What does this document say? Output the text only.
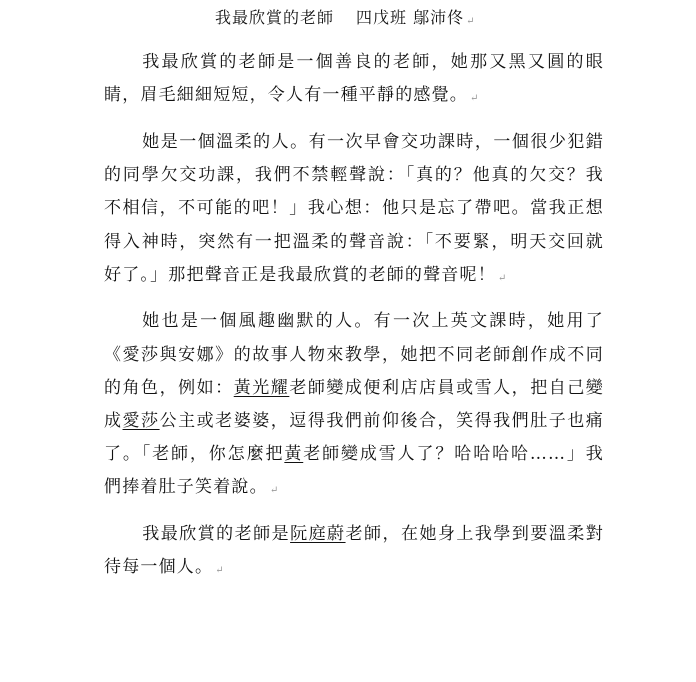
我最欣賞的老師 四戊班 鄔沛佟 ↵

我最欣賞的老師是一個善良的老師，她那又黑又圓的眼睛，眉毛細細短短，令人有一種平靜的感覺。 ↵

她是一個溫柔的人。有一次早會交功課時，一個很少犯錯的同學欠交功課，我們不禁輕聲說：「真的？他真的欠交？我不相信，不可能的吧！」我心想：他只是忘了帶吧。當我正想得入神時，突然有一把溫柔的聲音說：「不要緊，明天交回就好了。」那把聲音正是我最欣賞的老師的聲音呢！ ↵

她也是一個風趣幽默的人。有一次上英文課時，她用了《愛莎與安娜》的故事人物來教學，她把不同老師創作成不同的角色，例如：黃光耀老師變成便利店店員或雪人，把自己變成愛莎公主或老婆婆，逗得我們前仰後合，笑得我們肚子也痛了。「老師，你怎麼把黃老師變成雪人了？哈哈哈哈……」我們捧着肚子笑着說。 ↵

我最欣賞的老師是阮庭蔚老師，在她身上我學到要溫柔對待每一個人。 ↵
